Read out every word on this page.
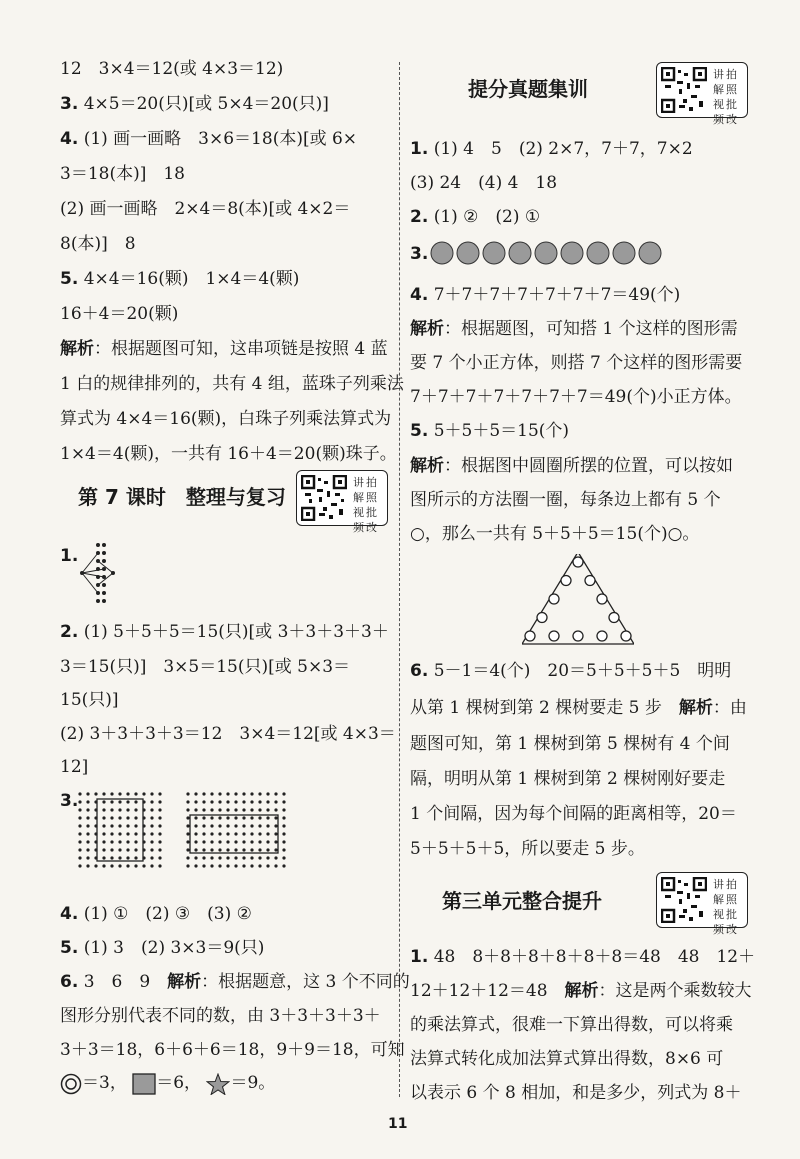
12　3×4＝12(或 4×3＝12)
3. 4×5＝20(只)[或 5×4＝20(只)]
4. (1) 画一画略　3×6＝18(本)[或 6×
3＝18(本)]　18
(2) 画一画略　2×4＝8(本)[或 4×2＝
8(本)]　8
5. 4×4＝16(颗)　1×4＝4(颗)
16＋4＝20(颗)
解析：根据题图可知，这串项链是按照 4 蓝
1 白的规律排列的，共有 4 组，蓝珠子列乘法
算式为 4×4＝16(颗)，白珠子列乘法算式为
1×4＝4(颗)，一共有 16＋4＝20(颗)珠子。
第 7 课时　整理与复习
讲拍
解照
视批
频改
1.
2. (1) 5＋5＋5＝15(只)[或 3＋3＋3＋3＋
3＝15(只)]　3×5＝15(只)[或 5×3＝
15(只)]
(2) 3＋3＋3＋3＝12　3×4＝12[或 4×3＝
12]
3.
4. (1) ①　(2) ③　(3) ②
5. (1) 3　(2) 3×3＝9(只)
6. 3　6　9　解析：根据题意，这 3 个不同的
图形分别代表不同的数，由 3＋3＋3＋3＋
3＋3＝18，6＋6＋6＝18，9＋9＝18，可知
＝3， ＝6， ＝9。
提分真题集训
讲拍
解照
视批
频改
1. (1) 4　5　(2) 2×7，7＋7，7×2
(3) 24　(4) 4　18
2. (1) ②　(2) ①
3.
4. 7＋7＋7＋7＋7＋7＋7＝49(个)
解析：根据题图，可知搭 1 个这样的图形需
要 7 个小正方体，则搭 7 个这样的图形需要
7＋7＋7＋7＋7＋7＋7＝49(个)小正方体。
5. 5＋5＋5＝15(个)
解析：根据图中圆圈所摆的位置，可以按如
图所示的方法圈一圈，每条边上都有 5 个
○，那么一共有 5＋5＋5＝15(个)○。
6. 5－1＝4(个)　20＝5＋5＋5＋5　明明
从第 1 棵树到第 2 棵树要走 5 步　解析：由
题图可知，第 1 棵树到第 5 棵树有 4 个间
隔，明明从第 1 棵树到第 2 棵树刚好要走
1 个间隔，因为每个间隔的距离相等，20＝
5＋5＋5＋5，所以要走 5 步。
第三单元整合提升
讲拍
解照
视批
频改
1. 48　8＋8＋8＋8＋8＋8＝48　48　12＋
12＋12＋12＝48　解析：这是两个乘数较大
的乘法算式，很难一下算出得数，可以将乘
法算式转化成加法算式算出得数，8×6 可
以表示 6 个 8 相加，和是多少，列式为 8＋
11
